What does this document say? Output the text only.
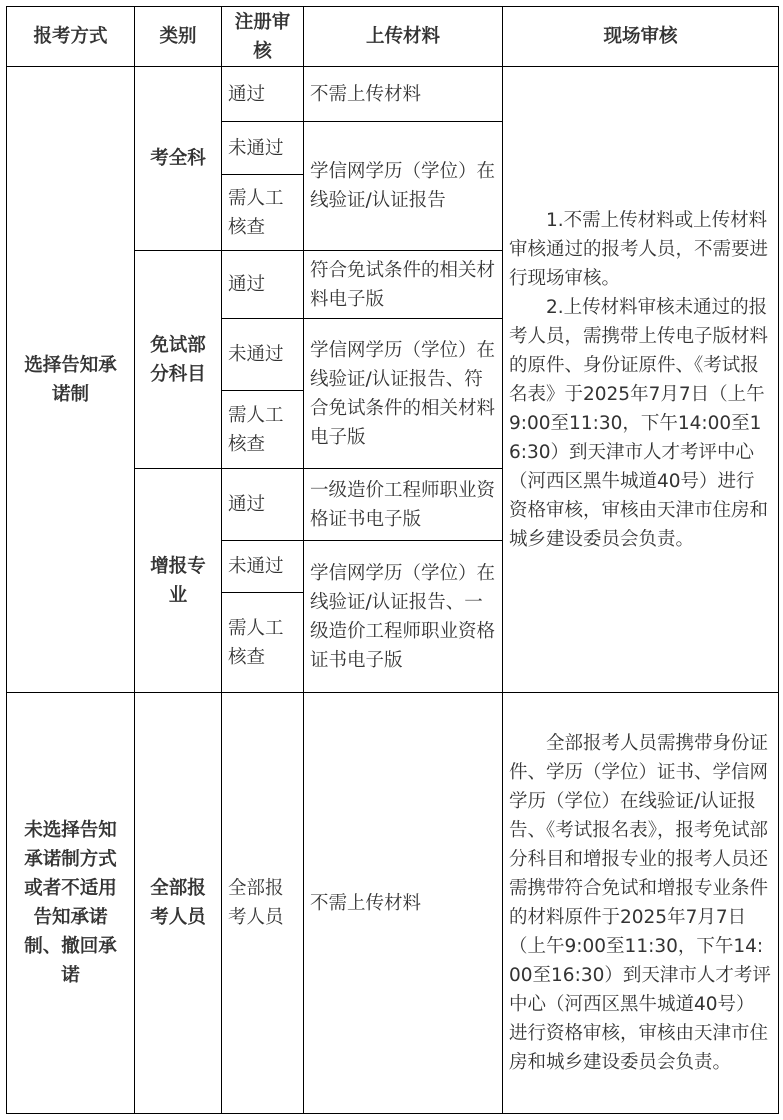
报考方式	类别	注册审核	上传材料	现场审核
选择告知承诺制	考全科	通过	不需上传材料	1.不需上传材料或上传材料审核通过的报考人员，不需要进行现场审核。

2.上传材料审核未通过的报考人员，需携带上传电子版材料的原件、身份证原件、《考试报名表》于2025年7月7日（上午9:00至11:30，下午14:00至16:30）到天津市人才考评中心（河西区黑牛城道40号）进行资格审核，审核由天津市住房和城乡建设委员会负责。

		未通过	学信网学历（学位）在线验证/认证报告	
		需人工核查		
	免试部分科目	通过	符合免试条件的相关材料电子版	
		未通过	学信网学历（学位）在线验证/认证报告、符合免试条件的相关材料电子版	
		需人工核查		
	增报专业	通过	一级造价工程师职业资格证书电子版	
		未通过	学信网学历（学位）在线验证/认证报告、一级造价工程师职业资格证书电子版	
		需人工核查		
未选择告知承诺制方式或者不适用告知承诺制、撤回承诺	全部报考人员	全部报考人员	不需上传材料	全部报考人员需携带身份证件、学历（学位）证书、学信网学历（学位）在线验证/认证报告、《考试报名表》，报考免试部分科目和增报专业的报考人员还需携带符合免试和增报专业条件的材料原件于2025年7月7日（上午9:00至11:30，下午14:00至16:30）到天津市人才考评中心（河西区黑牛城道40号）进行资格审核，审核由天津市住房和城乡建设委员会负责。
